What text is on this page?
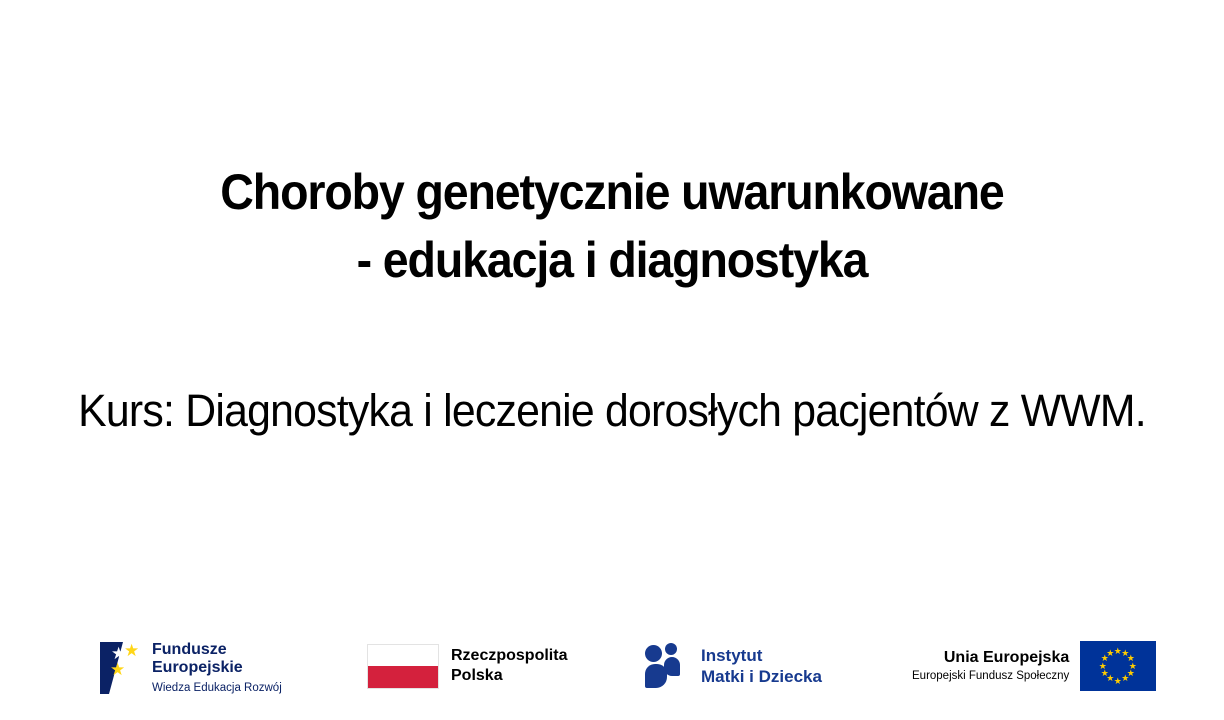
Choroby genetycznie uwarunkowane
- edukacja i diagnostyka
Kurs: Diagnostyka i leczenie dorosłych pacjentów z WWM.
★
★
★
★
Fundusze
Europejskie
Wiedza Edukacja Rozwój
Rzeczpospolita
Polska
Instytut
Matki i Dziecka
Unia Europejska
Europejski Fundusz Społeczny
★ ★
★
★
★
★
★
★
★
★
★
★
